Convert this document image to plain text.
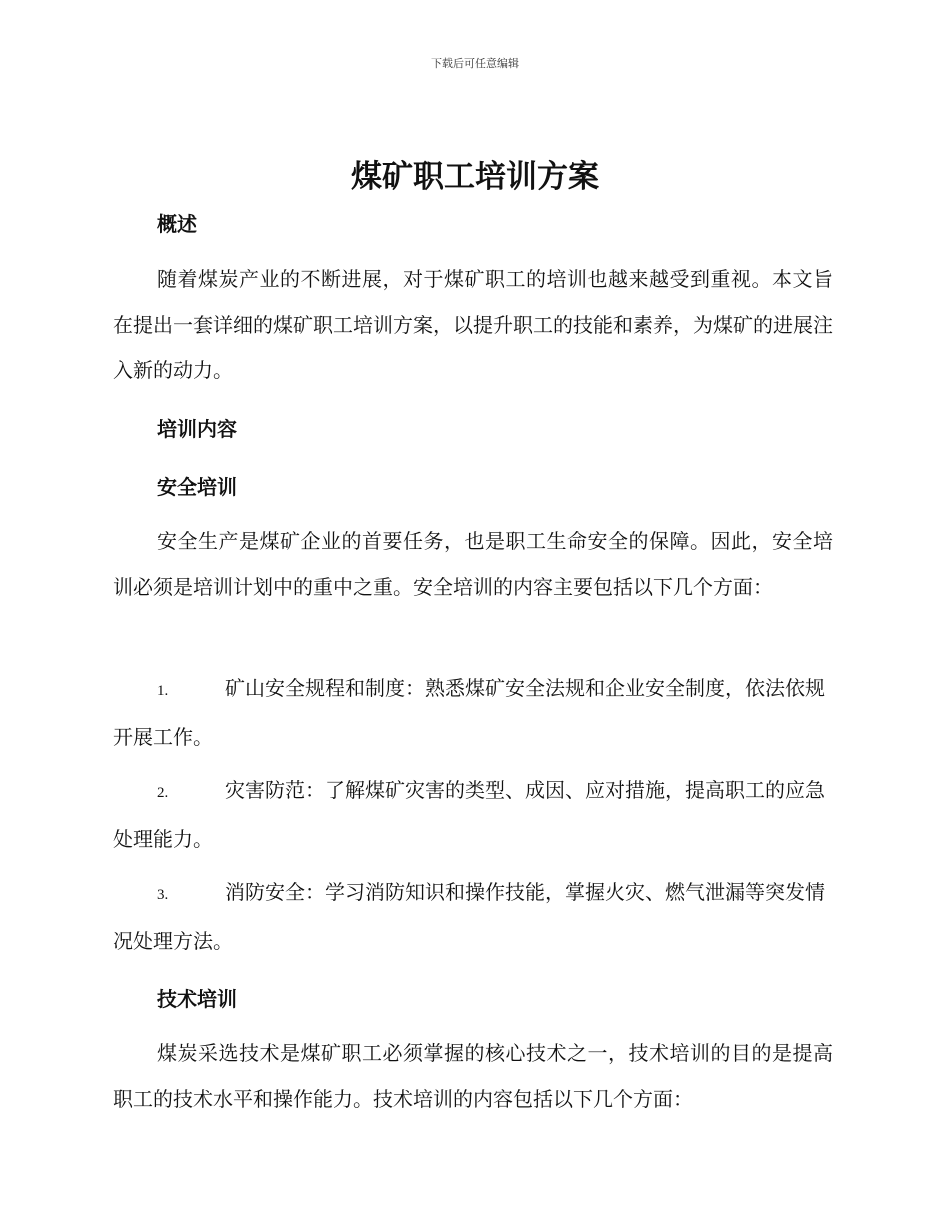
下载后可任意编辑
煤矿职工培训方案
概述

随着煤炭产业的不断进展，对于煤矿职工的培训也越来越受到重视。本文旨在提出一套详细的煤矿职工培训方案，以提升职工的技能和素养，为煤矿的进展注入新的动力。

培训内容
安全培训

安全生产是煤矿企业的首要任务，也是职工生命安全的保障。因此，安全培训必须是培训计划中的重中之重。安全培训的内容主要包括以下几个方面：

1.	矿山安全规程和制度：熟悉煤矿安全法规和企业安全制度，依法依规开展工作。

2.	灾害防范：了解煤矿灾害的类型、成因、应对措施，提高职工的应急处理能力。

3.	消防安全：学习消防知识和操作技能，掌握火灾、燃气泄漏等突发情况处理方法。

技术培训

煤炭采选技术是煤矿职工必须掌握的核心技术之一，技术培训的目的是提高职工的技术水平和操作能力。技术培训的内容包括以下几个方面：
